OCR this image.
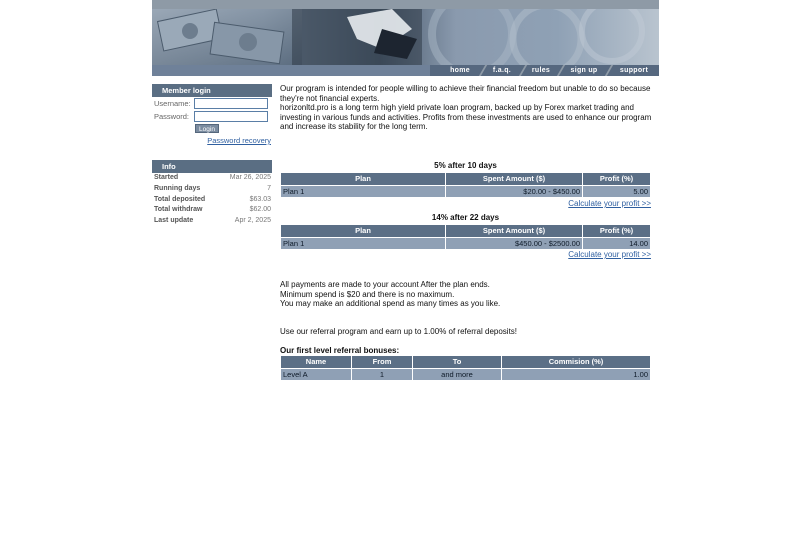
home	f.a.q.	rules	sign up	support
Member login
Username:
Password:
Login
Password recovery
Info
Started	Mar 26, 2025
Running days	7
Total deposited	$63.03
Total withdraw	$62.00
Last update	Apr 2, 2025

Our program is intended for people willing to achieve their financial freedom but unable to do so because they're not financial experts.

horizonltd.pro is a long term high yield private loan program, backed up by Forex market trading and investing in various funds and activities. Profits from these investments are used to enhance our program and increase its stability for the long term.

5% after 10 days
Plan	Spent Amount ($)	Profit (%)
Plan 1	$20.00 - $450.00	5.00
Calculate your profit >>
14% after 22 days
Plan	Spent Amount ($)	Profit (%)
Plan 1	$450.00 - $2500.00	14.00
Calculate your profit >>

All payments are made to your account After the plan ends.

Minimum spend is $20 and there is no maximum.

You may make an additional spend as many times as you like.

Use our referral program and earn up to 1.00% of referral deposits!

Our first level referral bonuses:

Name	From	To	Commision (%)
Level A	1	and more	1.00
